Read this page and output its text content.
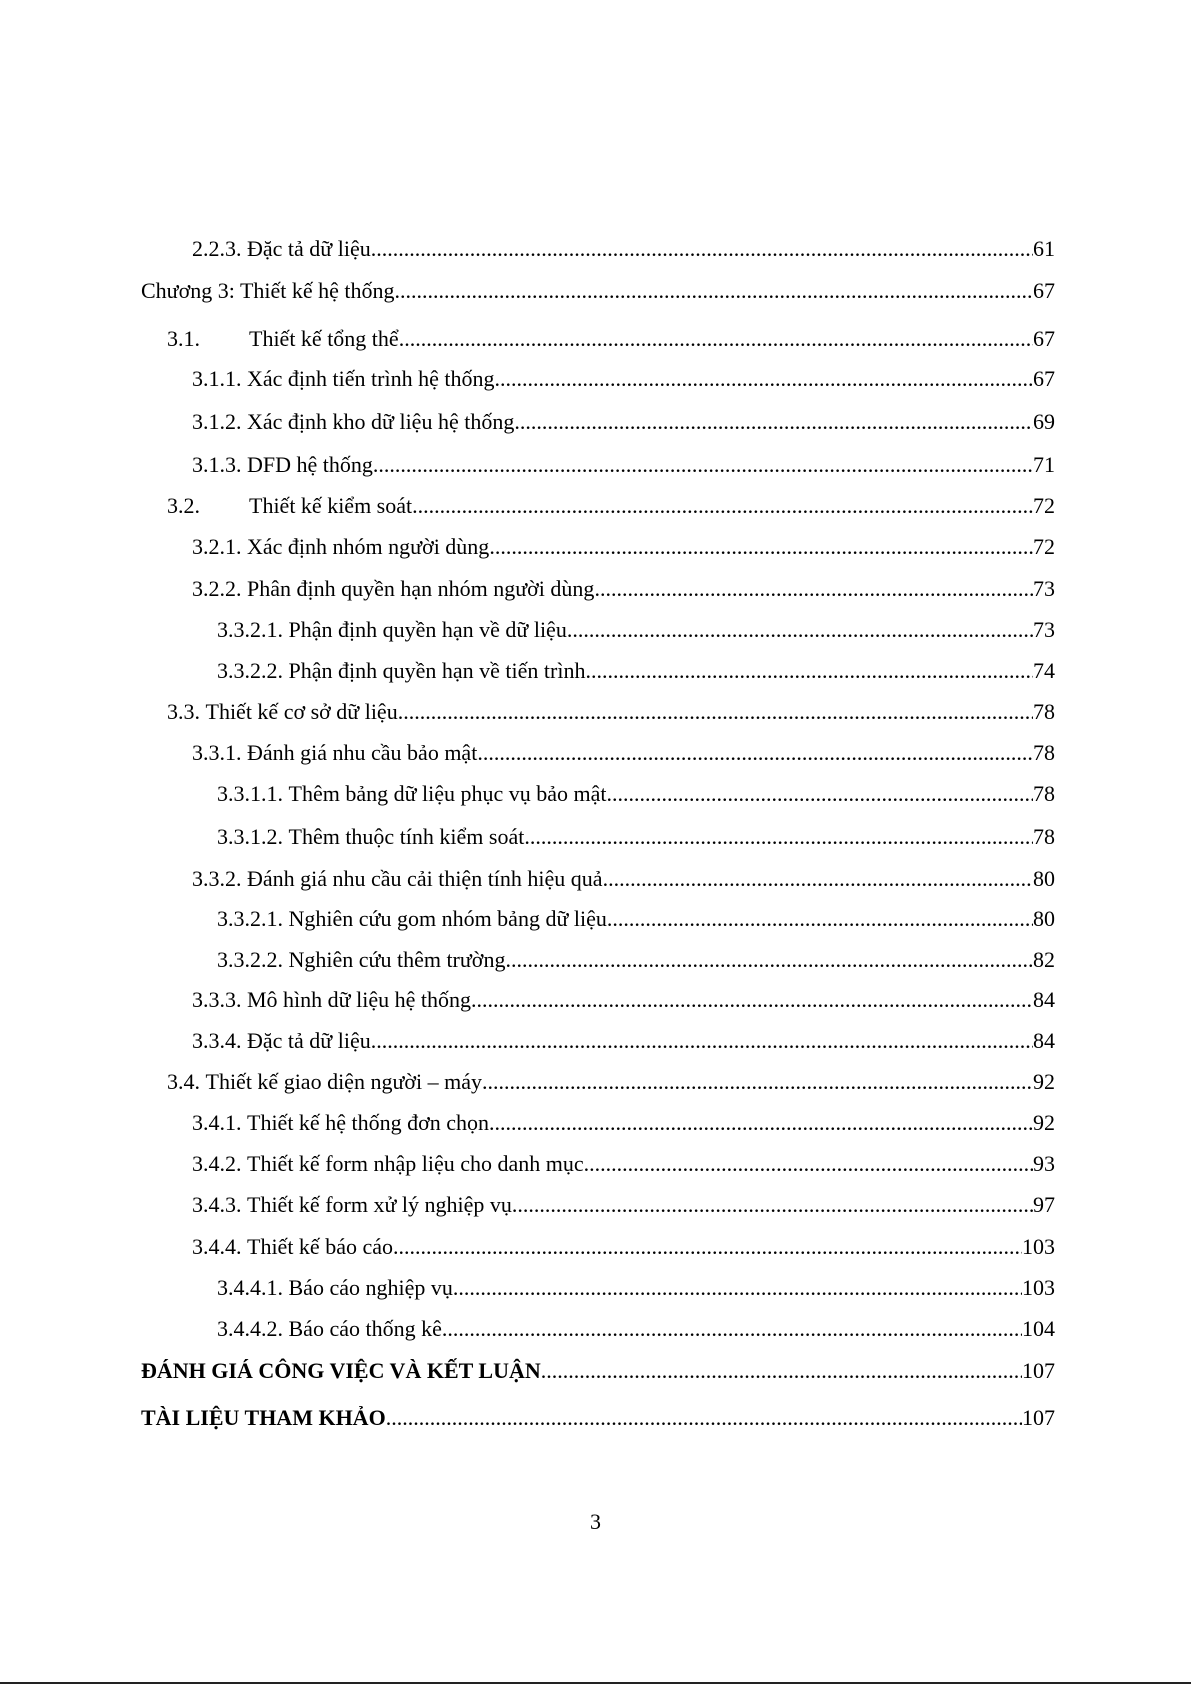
2.2.3. Đặc tả dữ liệu .....	61
Chương 3: Thiết kế hệ thống .....	67
3.1. Thiết kế tổng thể .....	67
3.1.1. Xác định tiến trình hệ thống .....	67
3.1.2. Xác định kho dữ liệu hệ thống .....	69
3.1.3. DFD hệ thống .....	71
3.2. Thiết kế kiểm soát .....	72
3.2.1. Xác định nhóm người dùng .....	72
3.2.2. Phân định quyền hạn nhóm người dùng .....	73
3.3.2.1. Phận định quyền hạn về dữ liệu .....	73
3.3.2.2. Phận định quyền hạn về tiến trình .....	74
3.3. Thiết kế cơ sở dữ liệu .....	78
3.3.1. Đánh giá nhu cầu bảo mật .....	78
3.3.1.1. Thêm bảng dữ liệu phục vụ bảo mật .....	78
3.3.1.2. Thêm thuộc tính kiểm soát .....	78
3.3.2. Đánh giá nhu cầu cải thiện tính hiệu quả .....	80
3.3.2.1. Nghiên cứu gom nhóm bảng dữ liệu .....	80
3.3.2.2. Nghiên cứu thêm trường .....	82
3.3.3. Mô hình dữ liệu hệ thống .....	84
3.3.4. Đặc tả dữ liệu .....	84
3.4. Thiết kế giao diện người – máy .....	92
3.4.1. Thiết kế hệ thống đơn chọn .....	92
3.4.2. Thiết kế form nhập liệu cho danh mục .....	93
3.4.3. Thiết kế form xử lý nghiệp vụ .....	97
3.4.4. Thiết kế báo cáo .....	103
3.4.4.1. Báo cáo nghiệp vụ .....	103
3.4.4.2. Báo cáo thống kê .....	104
ĐÁNH GIÁ CÔNG VIỆC VÀ KẾT LUẬN .....	107
TÀI LIỆU THAM KHẢO .....	107
3
